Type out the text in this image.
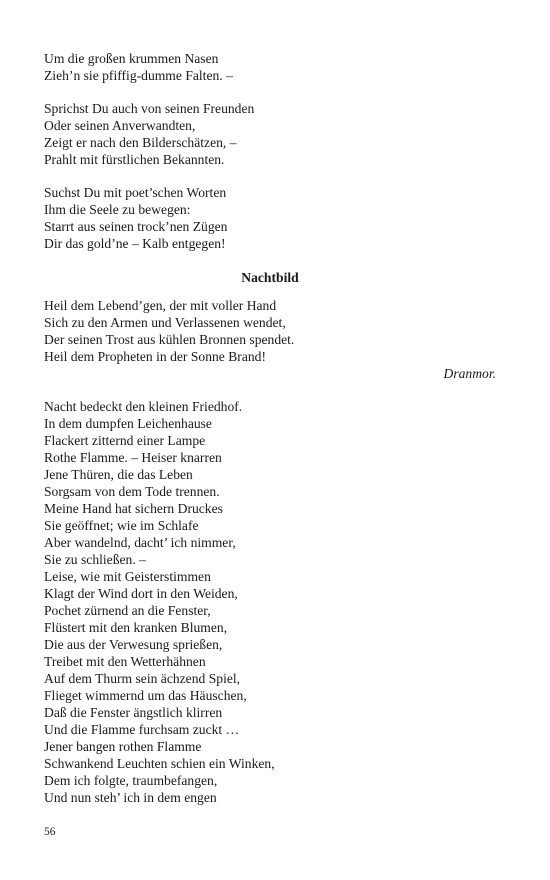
Um die großen krummen Nasen
Zieh’n sie pfiffig-dumme Falten. –
Sprichst Du auch von seinen Freunden
Oder seinen Anverwandten,
Zeigt er nach den Bilderschätzen, –
Prahlt mit fürstlichen Bekannten.
Suchst Du mit poet’schen Worten
Ihm die Seele zu bewegen:
Starrt aus seinen trock’nen Zügen
Dir das gold’ne – Kalb entgegen!
Nachtbild
Heil dem Lebend’gen, der mit voller Hand
Sich zu den Armen und Verlassenen wendet,
Der seinen Trost aus kühlen Bronnen spendet.
Heil dem Propheten in der Sonne Brand!
Dranmor.
Nacht bedeckt den kleinen Friedhof.
In dem dumpfen Leichenhause
Flackert zitternd einer Lampe
Rothe Flamme. – Heiser knarren
Jene Thüren, die das Leben
Sorgsam von dem Tode trennen.
Meine Hand hat sichern Druckes
Sie geöffnet; wie im Schlafe
Aber wandelnd, dacht’ ich nimmer,
Sie zu schließen. –
Leise, wie mit Geisterstimmen
Klagt der Wind dort in den Weiden,
Pochet zürnend an die Fenster,
Flüstert mit den kranken Blumen,
Die aus der Verwesung sprießen,
Treibet mit den Wetterhähnen
Auf dem Thurm sein ächzend Spiel,
Flieget wimmernd um das Häuschen,
Daß die Fenster ängstlich klirren
Und die Flamme furchsam zuckt …
Jener bangen rothen Flamme
Schwankend Leuchten schien ein Winken,
Dem ich folgte, traumbefangen,
Und nun steh’ ich in dem engen
56
